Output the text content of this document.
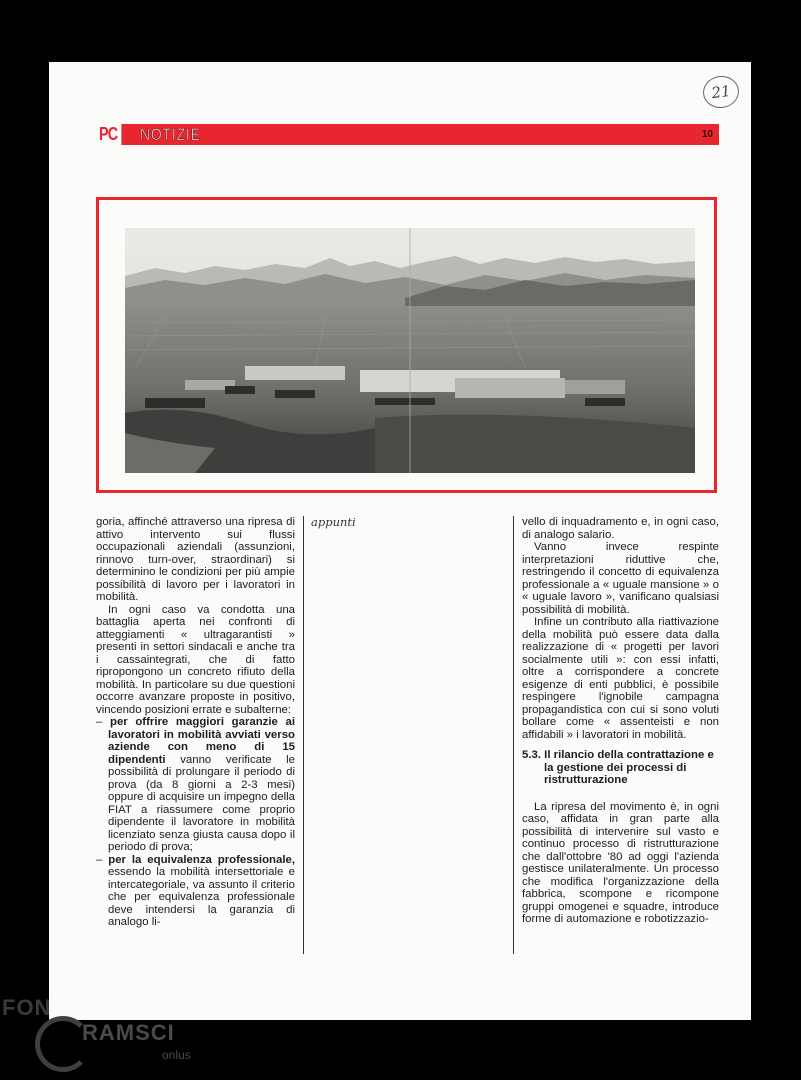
21
PC NOTIZIE	10

goria, affinché attraverso una ripresa di attivo intervento sui flussi occupazionali aziendali (assunzioni, rinnovo turn-over, straordinari) si determinino le condizioni per più ampie possibilità di lavoro per i lavoratori in mobilità.

In ogni caso va condotta una battaglia aperta nei confronti di atteggiamenti « ultragarantisti » presenti in settori sindacali e anche tra i cassaintegrati, che di fatto ripropongono un concreto rifiuto della mobilità. In particolare su due questioni occorre avanzare proposte in positivo, vincendo posizioni errate e subalterne:

– per offrire maggiori garanzie ai lavoratori in mobilità avviati verso aziende con meno di 15 dipendenti vanno verificate le possibilità di prolungare il periodo di prova (da 8 giorni a 2-3 mesi) oppure di acquisire un impegno della FIAT a riassumere come proprio dipendente il lavoratore in mobilità licenziato senza giusta causa dopo il periodo di prova;

– per la equivalenza professionale, essendo la mobilità intersettoriale e intercategoriale, va assunto il criterio che per equivalenza professionale deve intendersi la garanzia di analogo li-

appunti	vello di inquadramento e, in ogni caso, di analogo salario.

Vanno invece respinte interpretazioni riduttive che, restringendo il concetto di equivalenza professionale a « uguale mansione » o « uguale lavoro », vanificano qualsiasi possibilità di mobilità.

Infine un contributo alla riattivazione della mobilità può essere data dalla realizzazione di « progetti per lavori socialmente utili »: con essi infatti, oltre a corrispondere a concrete esigenze di enti pubblici, è possibile respingere l'ignobile campagna propagandistica con cui si sono voluti bollare come « assenteisti e non affidabili » i lavoratori in mobilità.

5.3. Il rilancio della contrattazione e la gestione dei processi di ristrutturazione

La ripresa del movimento è, in ogni caso, affidata in gran parte alla possibilità di intervenire sul vasto e continuo processo di ristrutturazione che dall'ottobre '80 ad oggi l'azienda gestisce unilateralmente. Un processo che modifica l'organizzazione della fabbrica, scompone e ricompone gruppi omogenei e squadre, introduce forme di automazione e robotizzazio-

FON
RAMSCI
onlus
